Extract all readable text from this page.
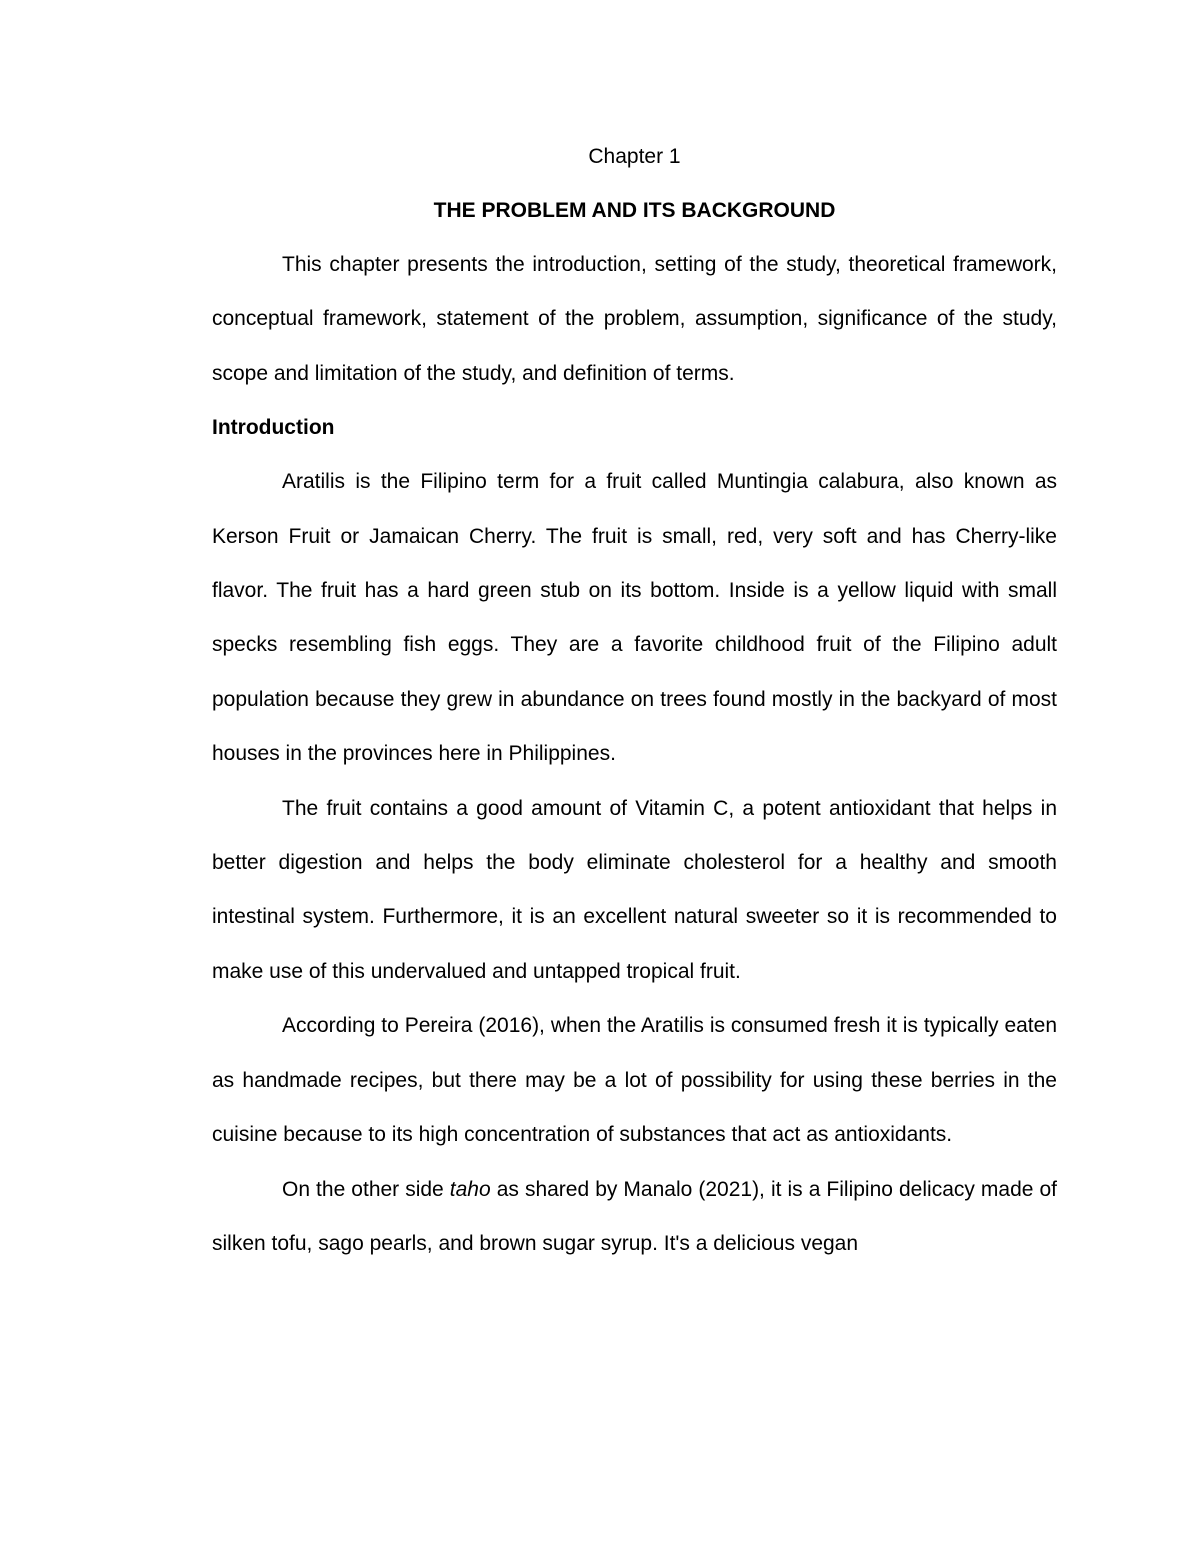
Chapter 1

THE PROBLEM AND ITS BACKGROUND

This chapter presents the introduction, setting of the study, theoretical framework, conceptual framework, statement of the problem, assumption, significance of the study, scope and limitation of the study, and definition of terms.

Introduction

Aratilis is the Filipino term for a fruit called Muntingia calabura, also known as Kerson Fruit or Jamaican Cherry. The fruit is small, red, very soft and has Cherry-like flavor. The fruit has a hard green stub on its bottom. Inside is a yellow liquid with small specks resembling fish eggs. They are a favorite childhood fruit of the Filipino adult population because they grew in abundance on trees found mostly in the backyard of most houses in the provinces here in Philippines.

The fruit contains a good amount of Vitamin C, a potent antioxidant that helps in better digestion and helps the body eliminate cholesterol for a healthy and smooth intestinal system. Furthermore, it is an excellent natural sweeter so it is recommended to make use of this undervalued and untapped tropical fruit.

According to Pereira (2016), when the Aratilis is consumed fresh it is typically eaten as handmade recipes, but there may be a lot of possibility for using these berries in the cuisine because to its high concentration of substances that act as antioxidants.

On the other side taho as shared by Manalo (2021), it is a Filipino delicacy made of silken tofu, sago pearls, and brown sugar syrup. It's a delicious vegan
